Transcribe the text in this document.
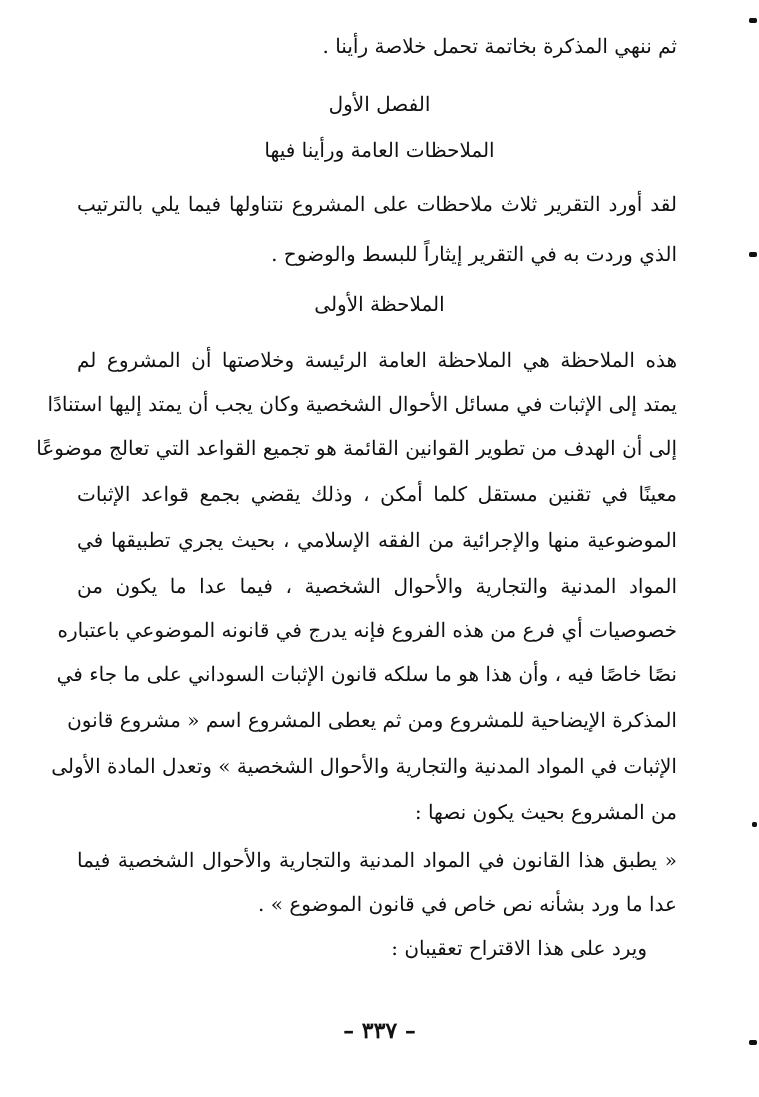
ثم ننهي المذكرة بخاتمة تحمل خلاصة رأينا .
الفصل الأول
الملاحظات العامة ورأينا فيها
لقد أورد التقرير ثلاث ملاحظات على المشروع نتناولها فيما يلي بالترتيب
الذي وردت به في التقرير إيثاراً للبسط والوضوح .
الملاحظة الأولى
هذه الملاحظة هي الملاحظة العامة الرئيسة وخلاصتها أن المشروع لم
يمتد إلى الإثبات في مسائل الأحوال الشخصية وكان يجب أن يمتد إليها استنادًا
إلى أن الهدف من تطوير القوانين القائمة هو تجميع القواعد التي تعالج موضوعًا
معينًا في تقنين مستقل كلما أمكن ، وذلك يقضي بجمع قواعد الإثبات
الموضوعية منها والإجرائية من الفقه الإسلامي ، بحيث يجري تطبيقها في
المواد المدنية والتجارية والأحوال الشخصية ، فيما عدا ما يكون من
خصوصيات أي فرع من هذه الفروع فإنه يدرج في قانونه الموضوعي باعتباره
نصًا خاصًا فيه ، وأن هذا هو ما سلكه قانون الإثبات السوداني على ما جاء في
المذكرة الإيضاحية للمشروع ومن ثم يعطى المشروع اسم « مشروع قانون
الإثبات في المواد المدنية والتجارية والأحوال الشخصية » وتعدل المادة الأولى
من المشروع بحيث يكون نصها :
« يطبق هذا القانون في المواد المدنية والتجارية والأحوال الشخصية فيما
عدا ما ورد بشأنه نص خاص في قانون الموضوع » .
ويرد على هذا الاقتراح تعقيبان :
– ٣٣٧ –
